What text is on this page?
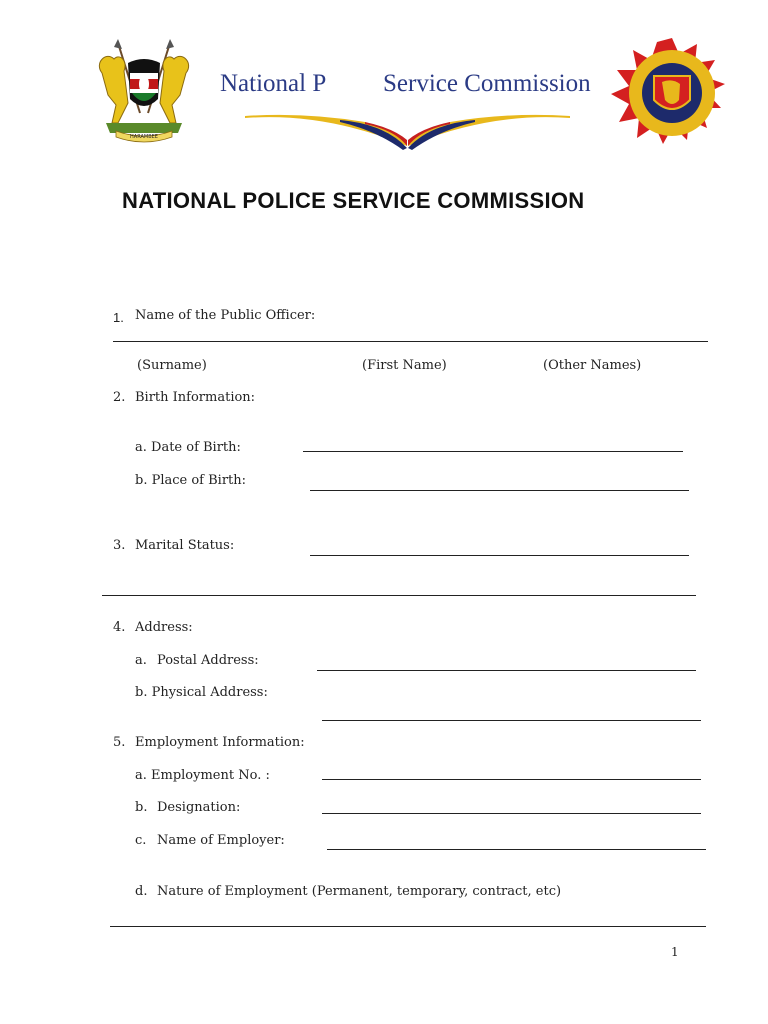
HARAMBEE
National P Service Commission
NATIONAL POLICE SERVICE COMMISSION
1. Name of the Public Officer:
(Surname)	(First Name)	(Other Names)
2. Birth Information:
a. Date of Birth:
b. Place of Birth:
3. Marital Status:
4. Address:
a. Postal Address:
b. Physical Address:
5. Employment Information:
a. Employment No. :
b. Designation:
c. Name of Employer:
d. Nature of Employment (Permanent, temporary, contract, etc)
1
